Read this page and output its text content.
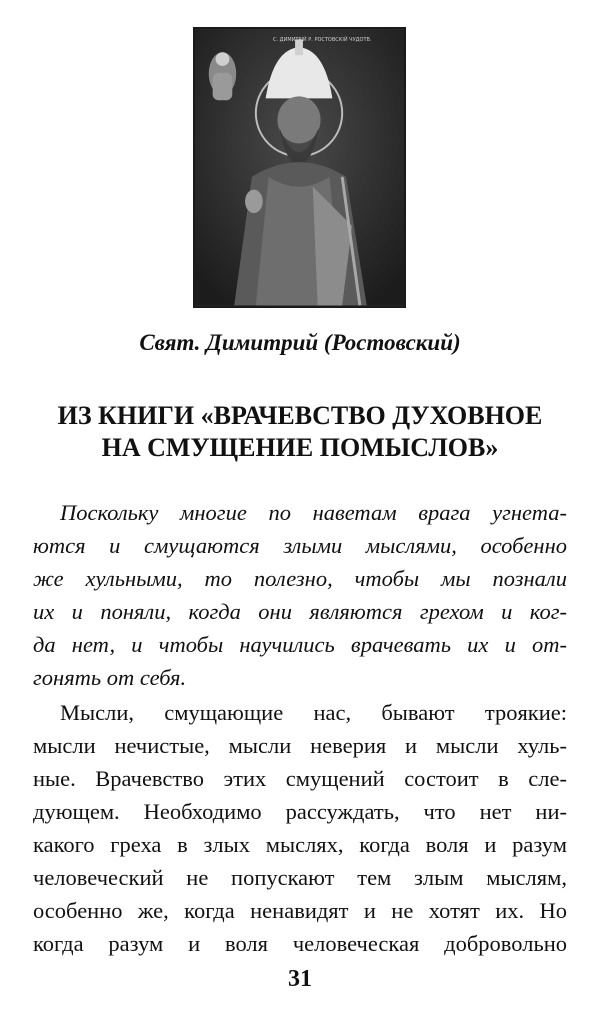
С. ДИМИТРІЙ Р. РОСТОВСКІЙ ЧУДОТВ.
Свят. Димитрий (Ростовский)
ИЗ КНИГИ «ВРАЧЕВСТВО ДУХОВНОЕ
НА СМУЩЕНИЕ ПОМЫСЛОВ»
Поскольку многие по наветам врага угнета-
ются и смущаются злыми мыслями, особенно
же хульными, то полезно, чтобы мы познали
их и поняли, когда они являются грехом и ког-
да нет, и чтобы научились врачевать их и от-
гонять от себя.
Мысли, смущающие нас, бывают трoякие:
мысли нечистые, мысли неверия и мысли хуль-
ные. Врачевство этих смущений состоит в сле-
дующем. Необходимо рассуждать, что нет ни-
какого греха в злых мыслях, когда воля и разум
человеческий не попускают тем злым мыслям,
особенно же, когда ненавидят и не хотят их. Но
когда разум и воля человеческая добровольно
31
